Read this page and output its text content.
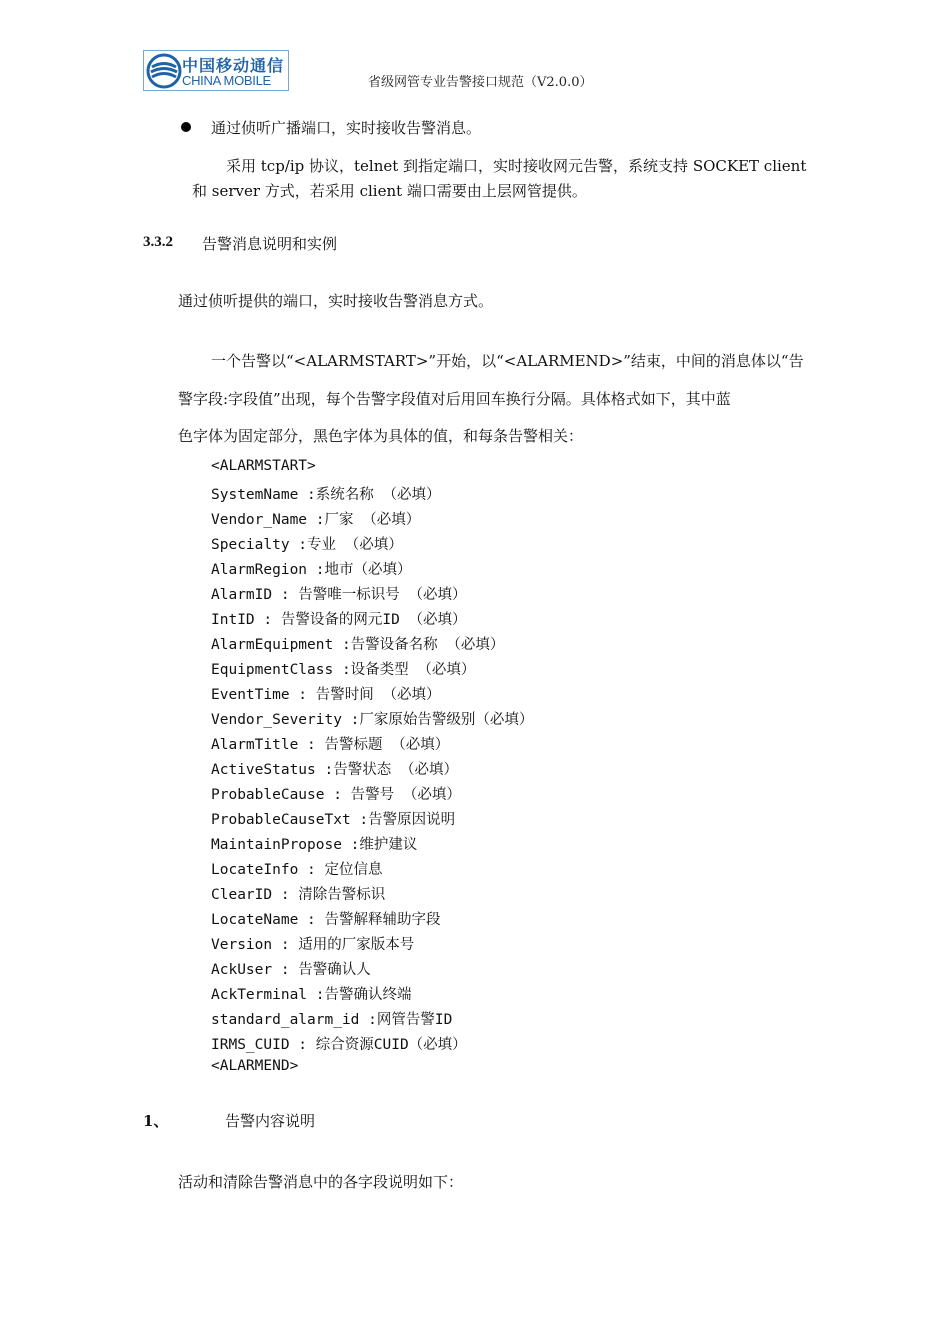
中国移动通信
CHINA MOBILE	省级网管专业告警接口规范（V2.0.0）
通过侦听广播端口，实时接收告警消息。
采用 tcp/ip 协议，telnet 到指定端口，实时接收网元告警，系统支持 SOCKET client
和 server 方式，若采用 client 端口需要由上层网管提供。
3.3.2 告警消息说明和实例
通过侦听提供的端口，实时接收告警消息方式。
一个告警以“<ALARMSTART>”开始，以“<ALARMEND>”结束，中间的消息体以“告
警字段:字段值”出现，每个告警字段值对后用回车换行分隔。具体格式如下，其中蓝
色字体为固定部分，黑色字体为具体的值，和每条告警相关：
<ALARMSTART>
SystemName :系统名称 （必填）
Vendor_Name :厂家 （必填）
Specialty :专业 （必填）
AlarmRegion :地市（必填）
AlarmID : 告警唯一标识号 （必填）
IntID : 告警设备的网元ID （必填）
AlarmEquipment :告警设备名称 （必填）
EquipmentClass :设备类型 （必填）
EventTime : 告警时间 （必填）
Vendor_Severity :厂家原始告警级别（必填）
AlarmTitle : 告警标题 （必填）
ActiveStatus :告警状态 （必填）
ProbableCause : 告警号 （必填）
ProbableCauseTxt :告警原因说明
MaintainPropose :维护建议
LocateInfo : 定位信息
ClearID : 清除告警标识
LocateName : 告警解释辅助字段
Version : 适用的厂家版本号
AckUser : 告警确认人
AckTerminal :告警确认终端
standard_alarm_id :网管告警ID
IRMS_CUID : 综合资源CUID（必填）
<ALARMEND>
1、	告警内容说明
活动和清除告警消息中的各字段说明如下：
